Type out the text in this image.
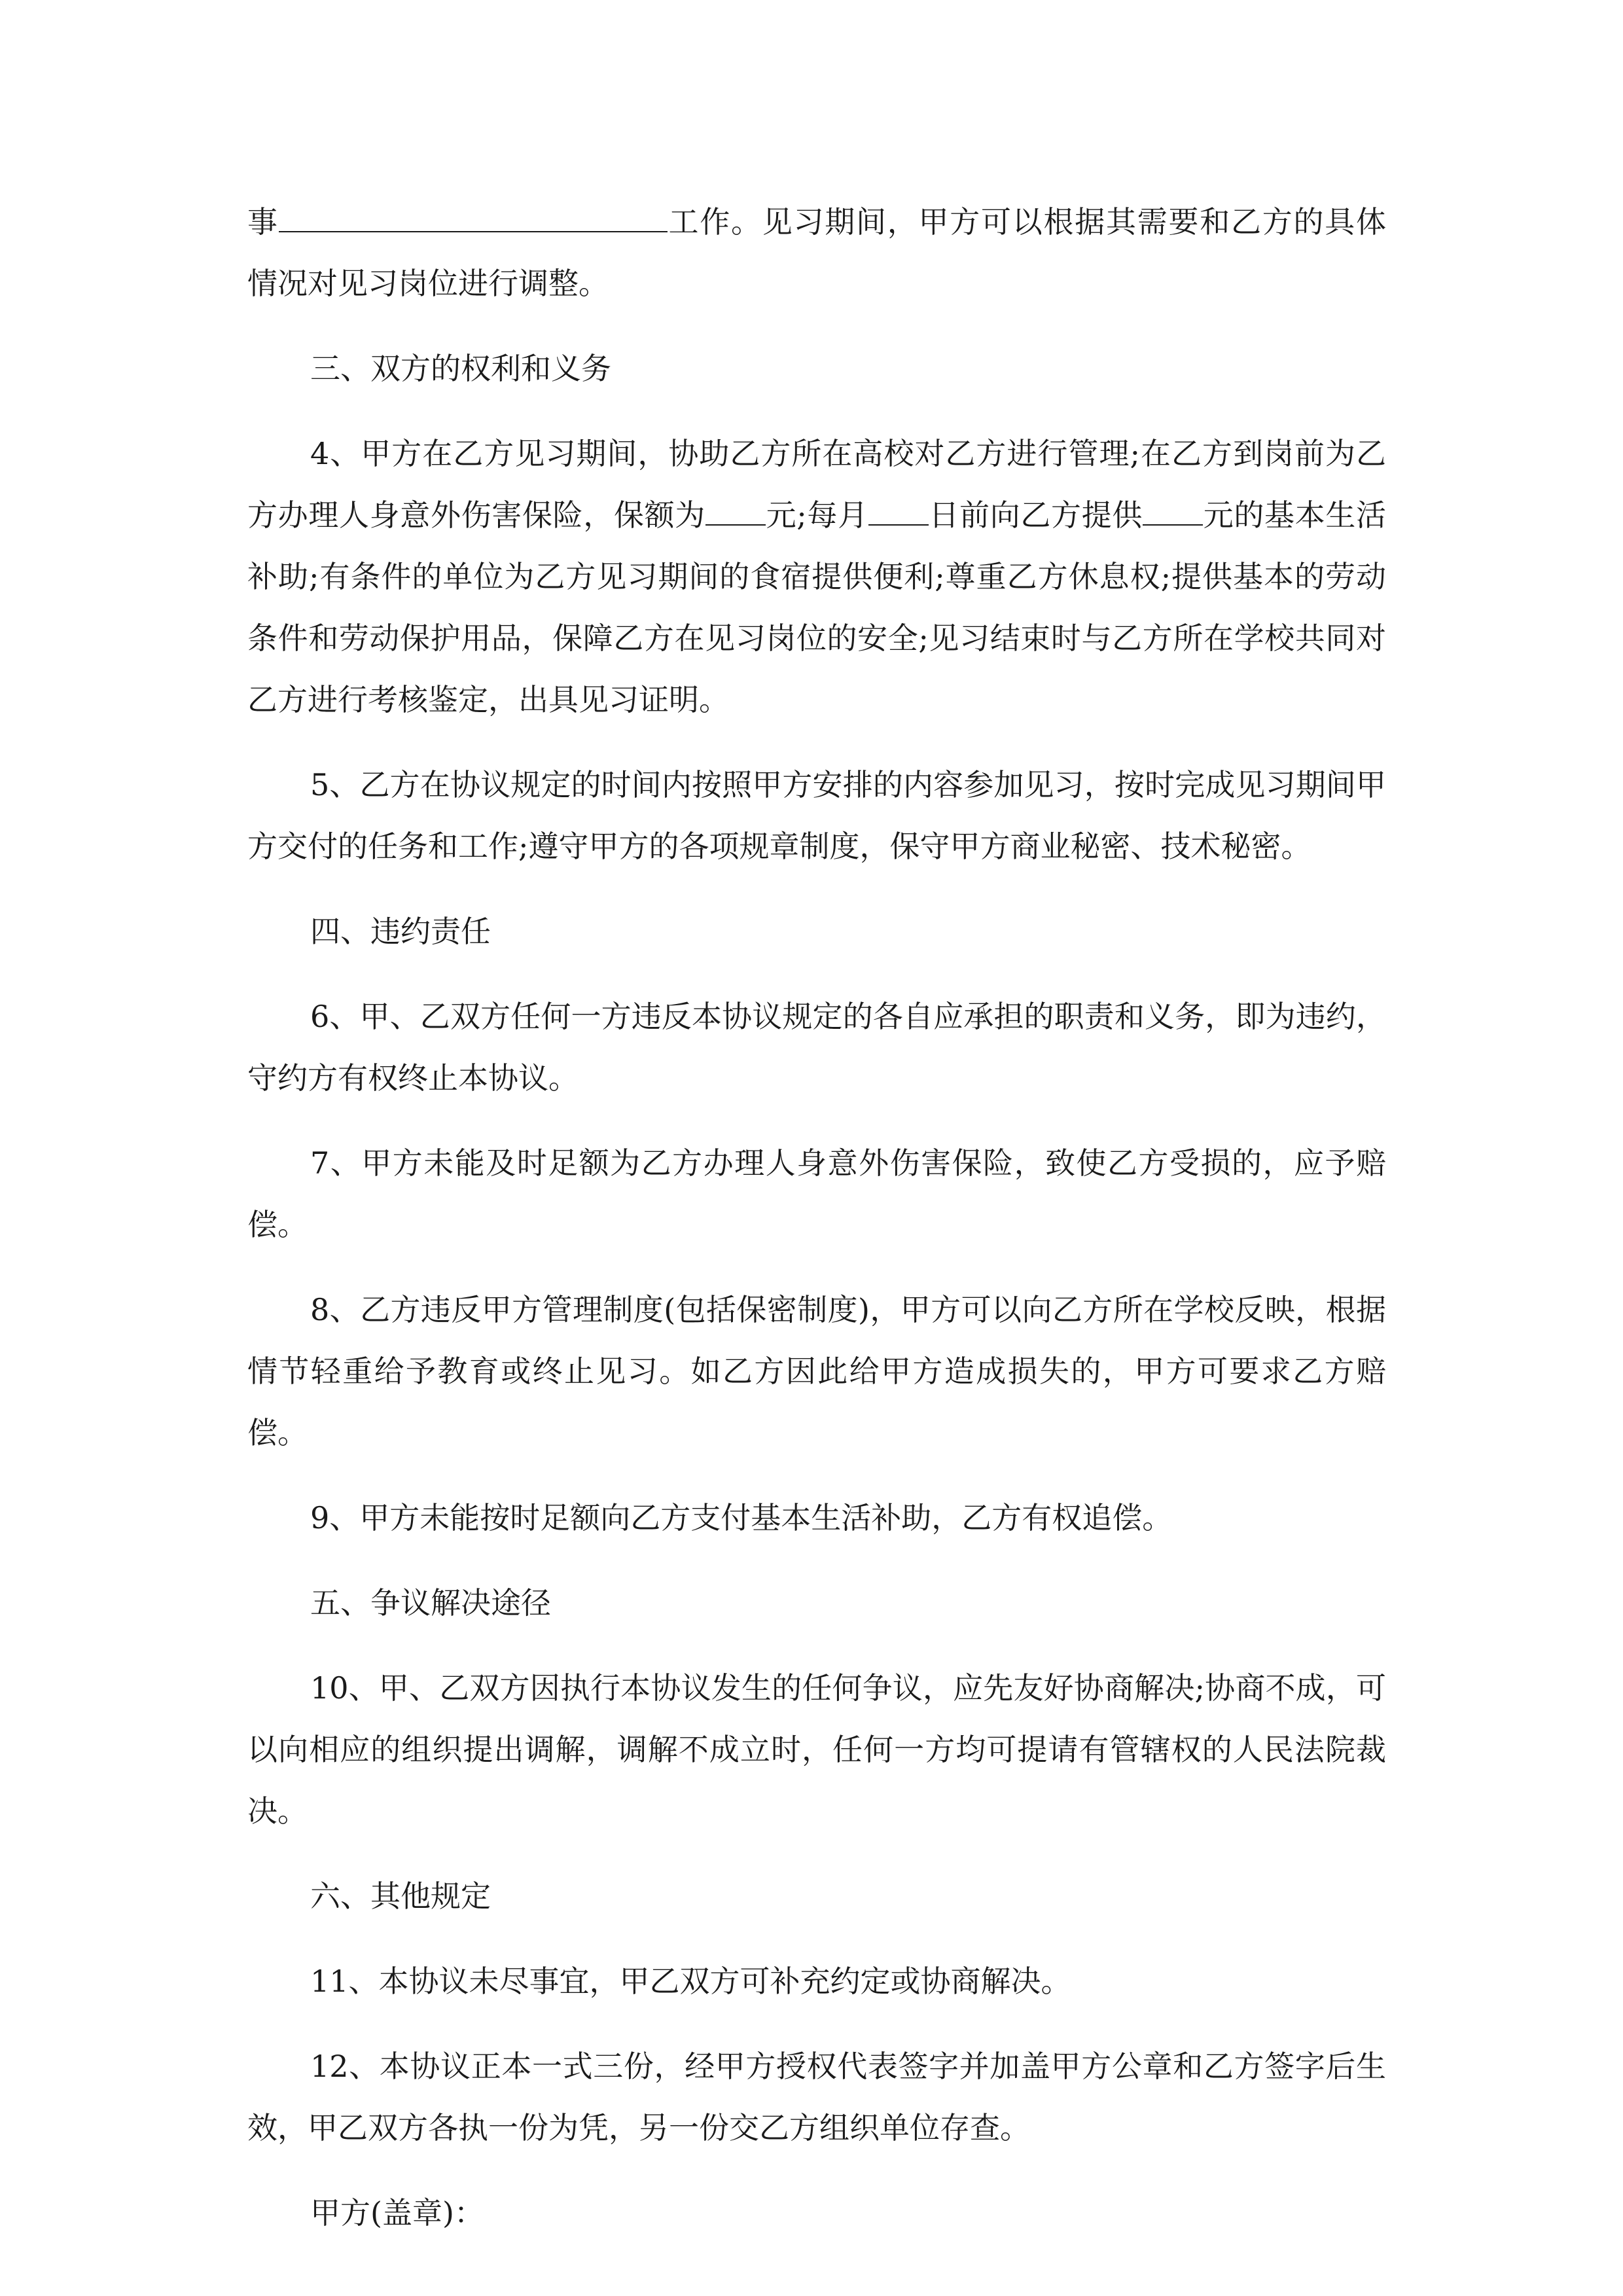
事	工作。见习期间，甲方可以根据其需要和乙方的具体情况对见习岗位进行调整。

三、双方的权利和义务

4、甲方在乙方见习期间，协助乙方所在高校对乙方进行管理;在乙方到岗前为乙方办理人身意外伤害保险，保额为 元;每月 日前向乙方提供 元的基本生活补助;有条件的单位为乙方见习期间的食宿提供便利;尊重乙方休息权;提供基本的劳动条件和劳动保护用品，保障乙方在见习岗位的安全;见习结束时与乙方所在学校共同对乙方进行考核鉴定，出具见习证明。

5、乙方在协议规定的时间内按照甲方安排的内容参加见习，按时完成见习期间甲方交付的任务和工作;遵守甲方的各项规章制度，保守甲方商业秘密、技术秘密。

四、违约责任

6、甲、乙双方任何一方违反本协议规定的各自应承担的职责和义务，即为违约，守约方有权终止本协议。

7、甲方未能及时足额为乙方办理人身意外伤害保险，致使乙方受损的，应予赔偿。

8、乙方违反甲方管理制度(包括保密制度)，甲方可以向乙方所在学校反映，根据情节轻重给予教育或终止见习。如乙方因此给甲方造成损失的，甲方可要求乙方赔偿。

9、甲方未能按时足额向乙方支付基本生活补助，乙方有权追偿。

五、争议解决途径

10、甲、乙双方因执行本协议发生的任何争议，应先友好协商解决;协商不成，可以向相应的组织提出调解，调解不成立时，任何一方均可提请有管辖权的人民法院裁决。

六、其他规定

11、本协议未尽事宜，甲乙双方可补充约定或协商解决。

12、本协议正本一式三份，经甲方授权代表签字并加盖甲方公章和乙方签字后生效，甲乙双方各执一份为凭，另一份交乙方组织单位存查。

甲方(盖章)：
